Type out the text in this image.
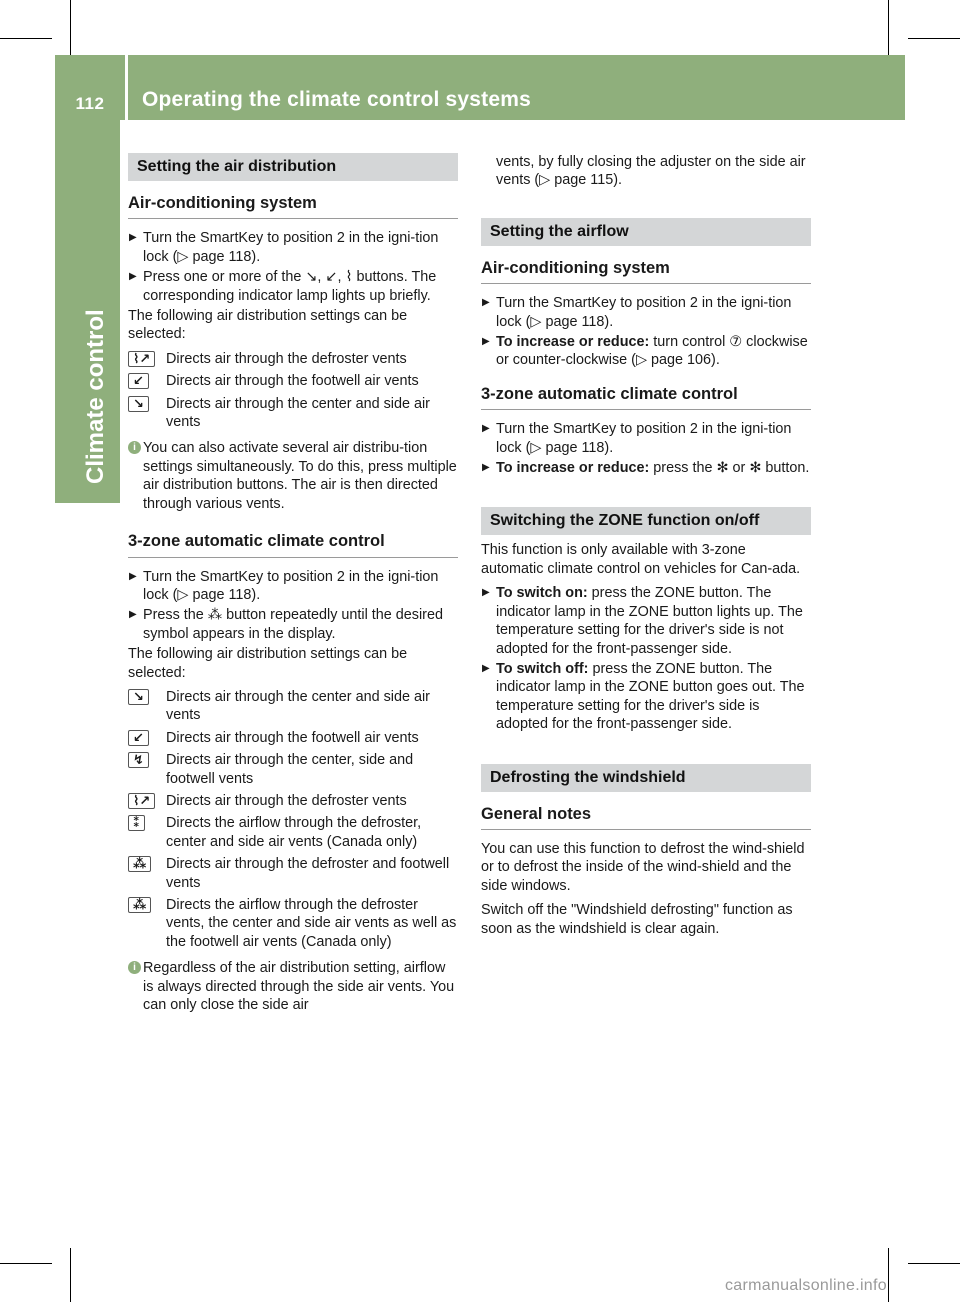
112	Operating the climate control systems
Climate control
Setting the air distribution
Air-conditioning system
▶ Turn the SmartKey to position 2 in the igni-tion lock (▷ page 118).
▶ Press one or more of the ↘, ↙, ⌇ buttons. The corresponding indicator lamp lights up briefly.

The following air distribution settings can be selected:

⌇↗	Directs air through the defroster vents
↙	Directs air through the footwell air vents
↘	Directs air through the center and side air vents
i You can also activate several air distribu-tion settings simultaneously. To do this, press multiple air distribution buttons. The air is then directed through various vents.
3-zone automatic climate control
▶ Turn the SmartKey to position 2 in the igni-tion lock (▷ page 118).
▶ Press the ⁂ button repeatedly until the desired symbol appears in the display.

The following air distribution settings can be selected:

↘	Directs air through the center and side air vents
↙	Directs air through the footwell air vents
↯	Directs air through the center, side and footwell vents
⌇↗	Directs air through the defroster vents
⁑	Directs the airflow through the defroster, center and side air vents (Canada only)
⁂	Directs air through the defroster and footwell vents
⁂	Directs the airflow through the defroster vents, the center and side air vents as well as the footwell air vents (Canada only)
i Regardless of the air distribution setting, airflow is always directed through the side air vents. You can only close the side air

vents, by fully closing the adjuster on the side air vents (▷ page 115).

Setting the airflow
Air-conditioning system
▶ Turn the SmartKey to position 2 in the igni-tion lock (▷ page 118).
▶ To increase or reduce: turn control ⑦ clockwise or counter-clockwise (▷ page 106).
3-zone automatic climate control
▶ Turn the SmartKey to position 2 in the igni-tion lock (▷ page 118).
▶ To increase or reduce: press the ✻ or ✻ button.
Switching the ZONE function on/off

This function is only available with 3-zone automatic climate control on vehicles for Can-ada.

▶ To switch on: press the ZONE button. The indicator lamp in the ZONE button lights up. The temperature setting for the driver's side is not adopted for the front-passenger side.
▶ To switch off: press the ZONE button. The indicator lamp in the ZONE button goes out. The temperature setting for the driver's side is adopted for the front-passenger side.
Defrosting the windshield
General notes

You can use this function to defrost the wind-shield or to defrost the inside of the wind-shield and the side windows.

Switch off the "Windshield defrosting" function as soon as the windshield is clear again.

carmanualsonline.info
